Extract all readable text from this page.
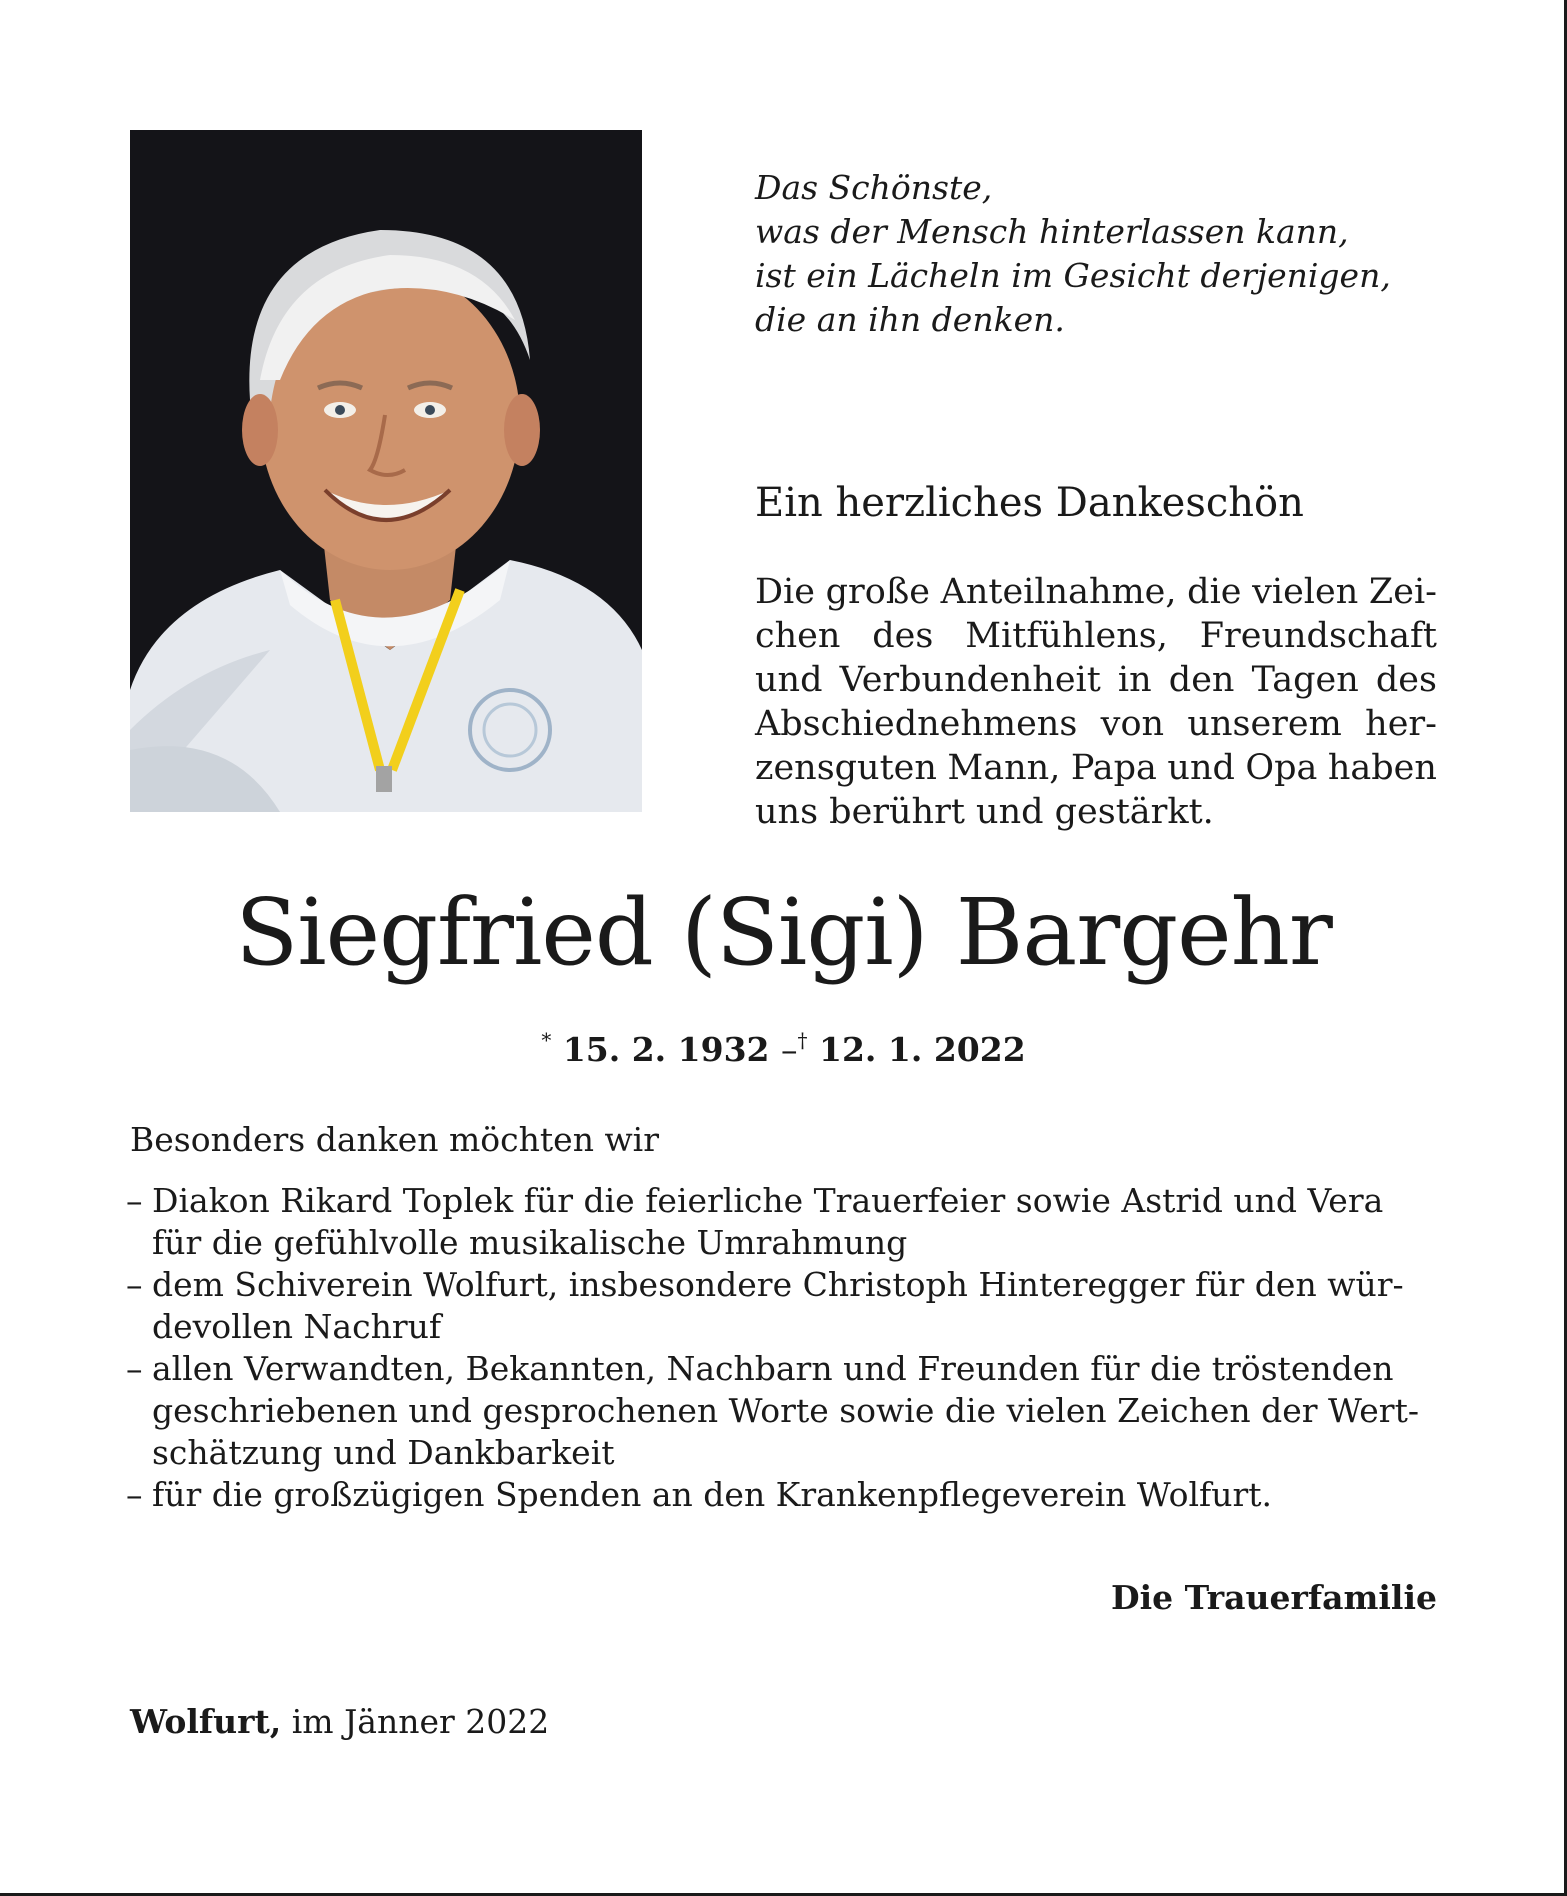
Das Schönste,
was der Mensch hinterlassen kann,
ist ein Lächeln im Gesicht derjenigen,
die an ihn denken.
Ein herzliches Dankeschön
Die große Anteilnahme, die vielen Zei-
chen des Mitfühlens, Freundschaft
und Verbundenheit in den Tagen des
Abschiednehmens von unserem her-
zensguten Mann, Papa und Opa haben
uns berührt und gestärkt.
Siegfried (Sigi) Bargehr
* 15. 2. 1932 –† 12. 1. 2022
Besonders danken möchten wir
– Diakon Rikard Toplek für die feierliche Trauerfeier sowie Astrid und Vera
für die gefühlvolle musikalische Umrahmung
– dem Schiverein Wolfurt, insbesondere Christoph Hinteregger für den wür-
devollen Nachruf
– allen Verwandten, Bekannten, Nachbarn und Freunden für die tröstenden
geschriebenen und gesprochenen Worte sowie die vielen Zeichen der Wert-
schätzung und Dankbarkeit
– für die großzügigen Spenden an den Krankenpflegeverein Wolfurt.
Die Trauerfamilie
Wolfurt, im Jänner 2022
